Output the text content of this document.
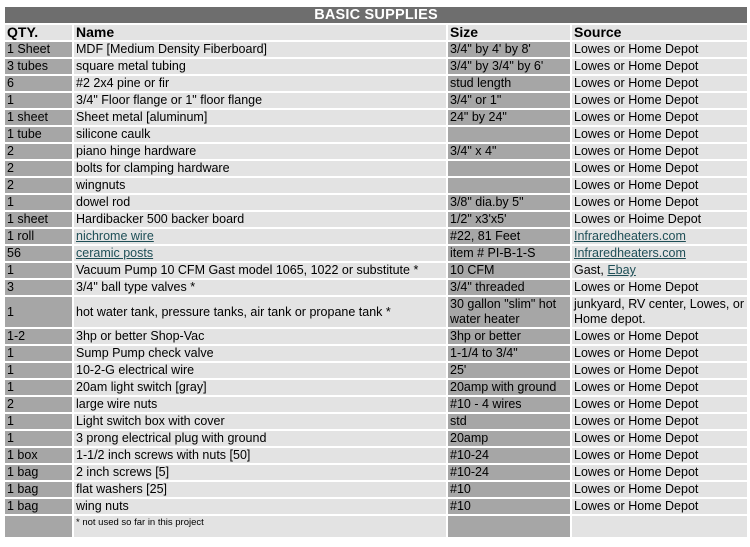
BASIC SUPPLIES			
QTY.	Name	Size	Source
1 Sheet	MDF [Medium Density Fiberboard]	3/4" by 4' by 8'	Lowes or Home Depot
3 tubes	square metal tubing	3/4" by 3/4" by 6'	Lowes or Home Depot
6	#2 2x4 pine or fir	stud length	Lowes or Home Depot
1	3/4" Floor flange or 1" floor flange	3/4" or 1"	Lowes or Home Depot
1 sheet	Sheet metal [aluminum]	24" by 24"	Lowes or Home Depot
1 tube	silicone caulk		Lowes or Home Depot
2	piano hinge hardware	3/4" x 4"	Lowes or Home Depot
2	bolts for clamping hardware		Lowes or Home Depot
2	wingnuts		Lowes or Home Depot
1	dowel rod	3/8" dia.by 5"	Lowes or Home Depot
1 sheet	Hardibacker 500 backer board	1/2" x3'x5'	Lowes or Hoime Depot
1 roll	nichrome wire	#22, 81 Feet	Infraredheaters.com
56	ceramic posts	item # PI-B-1-S	Infraredheaters.com
1	Vacuum Pump 10 CFM Gast model 1065, 1022 or substitute *	10 CFM	Gast, Ebay
3	3/4" ball type valves *	3/4" threaded	Lowes or Home Depot
1	hot water tank, pressure tanks, air tank or propane tank *	30 gallon "slim" hot water heater	junkyard, RV center, Lowes, or Home depot.
1-2	3hp or better Shop-Vac	3hp or better	Lowes or Home Depot
1	Sump Pump check valve	1-1/4 to 3/4"	Lowes or Home Depot
1	10-2-G electrical wire	25'	Lowes or Home Depot
1	20am light switch [gray]	20amp with ground	Lowes or Home Depot
2	large wire nuts	#10 - 4 wires	Lowes or Home Depot
1	Light switch box with cover	std	Lowes or Home Depot
1	3 prong electrical plug with ground	20amp	Lowes or Home Depot
1 box	1-1/2 inch screws with nuts [50]	#10-24	Lowes or Home Depot
1 bag	2 inch screws [5]	#10-24	Lowes or Home Depot
1 bag	flat washers [25]	#10	Lowes or Home Depot
1 bag	wing nuts	#10	Lowes or Home Depot
	* not used so far in this project		
